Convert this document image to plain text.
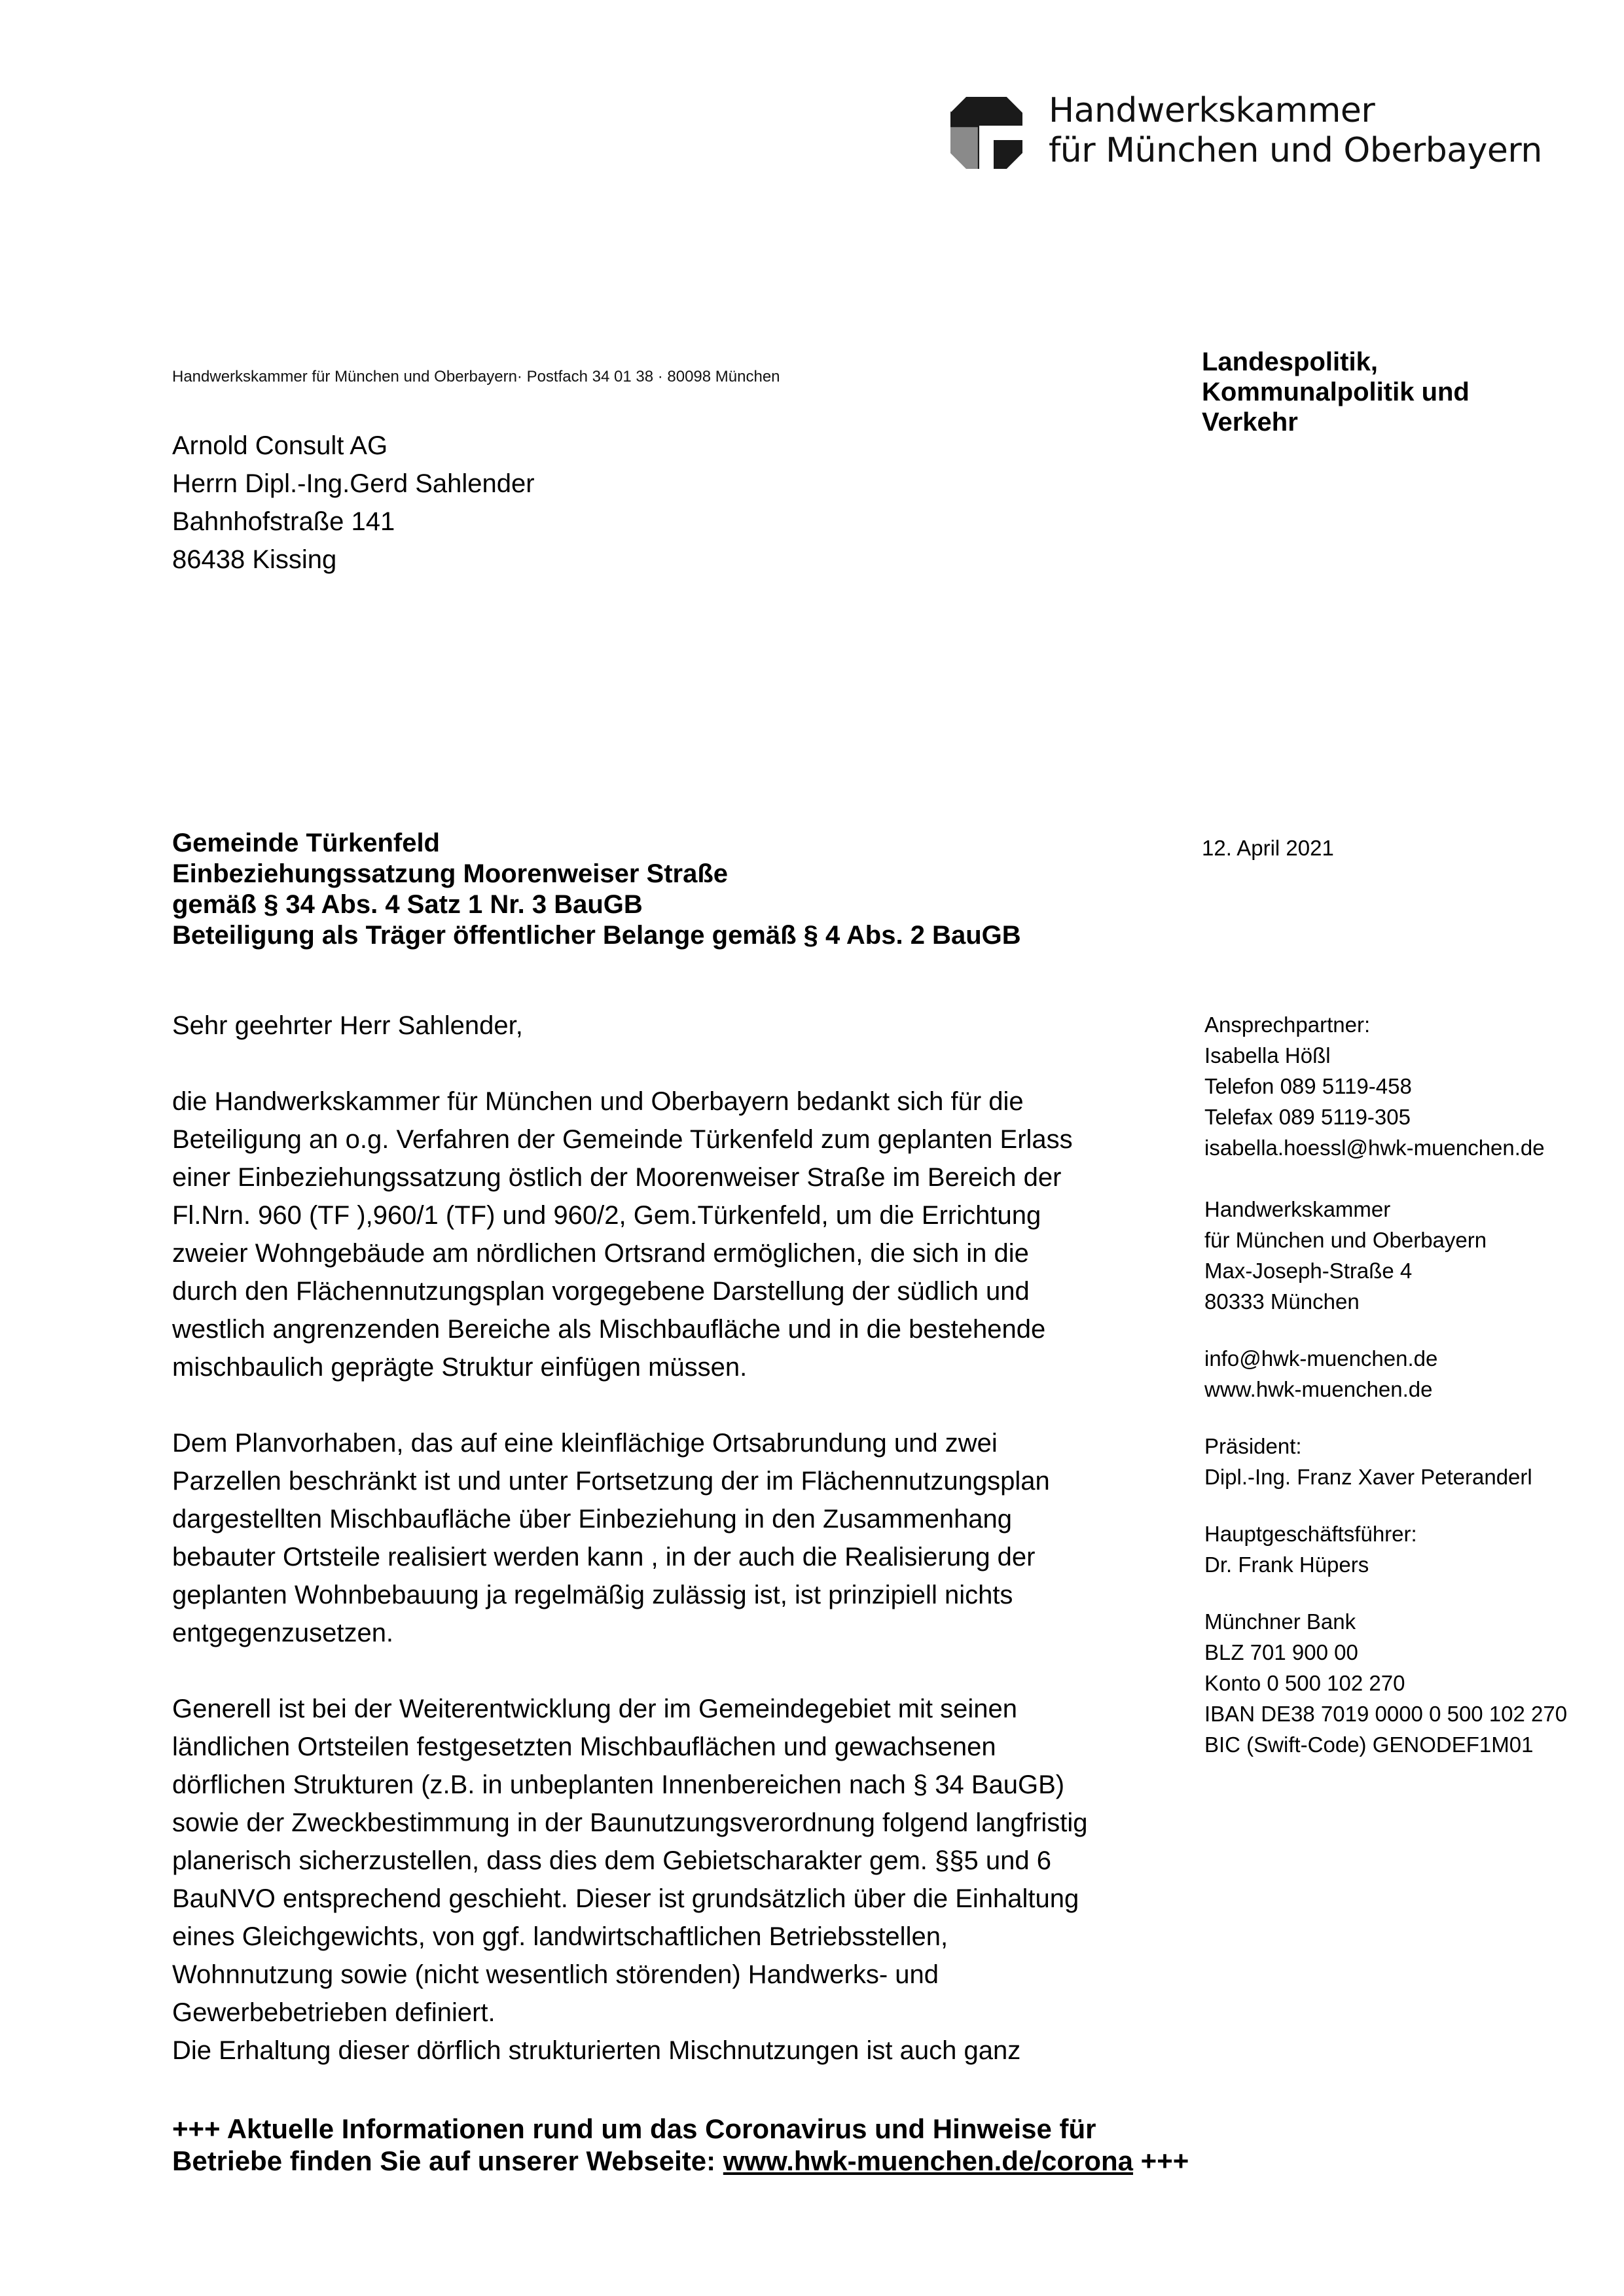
Handwerkskammer
für München und Oberbayern
Handwerkskammer für München und Oberbayern· Postfach 34 01 38 · 80098 München
Landespolitik,
Kommunalpolitik und
Verkehr
Arnold Consult AG
Herrn Dipl.-Ing.Gerd Sahlender
Bahnhofstraße 141
86438 Kissing
Gemeinde Türkenfeld
Einbeziehungssatzung Moorenweiser Straße
gemäß § 34 Abs. 4 Satz 1 Nr. 3 BauGB
Beteiligung als Träger öffentlicher Belange gemäß § 4 Abs. 2 BauGB
12. April 2021

Sehr geehrter Herr Sahlender,

die Handwerkskammer für München und Oberbayern bedankt sich für die
Beteiligung an o.g. Verfahren der Gemeinde Türkenfeld zum geplanten Erlass
einer Einbeziehungssatzung östlich der Moorenweiser Straße im Bereich der
Fl.Nrn. 960 (TF ),960/1 (TF) und 960/2, Gem.Türkenfeld, um die Errichtung
zweier Wohngebäude am nördlichen Ortsrand ermöglichen, die sich in die
durch den Flächennutzungsplan vorgegebene Darstellung der südlich und
westlich angrenzenden Bereiche als Mischbaufläche und in die bestehende
mischbaulich geprägte Struktur einfügen müssen.
Dem Planvorhaben, das auf eine kleinflächige Ortsabrundung und zwei
Parzellen beschränkt ist und unter Fortsetzung der im Flächennutzungsplan
dargestellten Mischbaufläche über Einbeziehung in den Zusammenhang
bebauter Ortsteile realisiert werden kann , in der auch die Realisierung der
geplanten Wohnbebauung ja regelmäßig zulässig ist, ist prinzipiell nichts
entgegenzusetzen.
Generell ist bei der Weiterentwicklung der im Gemeindegebiet mit seinen
ländlichen Ortsteilen festgesetzten Mischbauflächen und gewachsenen
dörflichen Strukturen (z.B. in unbeplanten Innenbereichen nach § 34 BauGB)
sowie der Zweckbestimmung in der Baunutzungsverordnung folgend langfristig
planerisch sicherzustellen, dass dies dem Gebietscharakter gem. §§5 und 6
BauNVO entsprechend geschieht. Dieser ist grundsätzlich über die Einhaltung
eines Gleichgewichts, von ggf. landwirtschaftlichen Betriebsstellen,
Wohnnutzung sowie (nicht wesentlich störenden) Handwerks- und
Gewerbebetrieben definiert.
Die Erhaltung dieser dörflich strukturierten Mischnutzungen ist auch ganz
Ansprechpartner:
Isabella Hößl
Telefon 089 5119-458
Telefax 089 5119-305
isabella.hoessl@hwk-muenchen.de
Handwerkskammer
für München und Oberbayern
Max-Joseph-Straße 4
80333 München
info@hwk-muenchen.de
www.hwk-muenchen.de
Präsident:
Dipl.-Ing. Franz Xaver Peteranderl
Hauptgeschäftsführer:
Dr. Frank Hüpers
Münchner Bank
BLZ 701 900 00
Konto 0 500 102 270
IBAN DE38 7019 0000 0 500 102 270
BIC (Swift-Code) GENODEF1M01
+++ Aktuelle Informationen rund um das Coronavirus und Hinweise für
Betriebe finden Sie auf unserer Webseite: www.hwk-muenchen.de/corona +++
